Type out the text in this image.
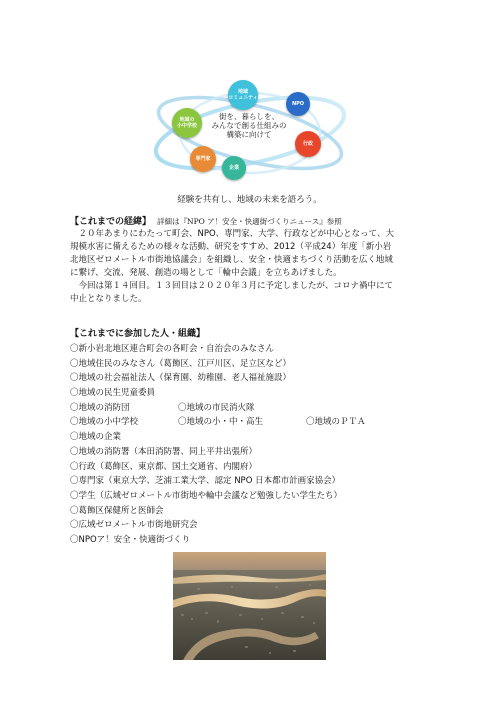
地域
コミュニティ
NPO
行政
企業
専門家
地域の
小中学校
街を、暮らしを、
みんなで創る仕組みの
構築に向けて
経験を共有し、地域の未来を語ろう。
【これまでの経緯】 詳細は『NPO ア！安全・快適街づくりニュース』参照
　２０年あまりにわたって町会、NPO、専門家、大学、行政などが中心となって、大
規模水害に備えるための様々な活動、研究をすすめ、2012（平成24）年度「新小岩
北地区ゼロメートル市街地協議会」を組織し、安全・快適まちづくり活動を広く地域
に繋げ、交流、発展、創造の場として「輪中会議」を立ちあげました。
　今回は第１４回目。１３回目は２０２０年３月に予定しましたが、コロナ禍中にて
中止となりました。
【これまでに参加した人・組織】
〇新小岩北地区連合町会の各町会・自治会のみなさん
〇地域住民のみなさん（葛飾区、江戸川区、足立区など）
〇地域の社会福祉法人（保育園、幼稚園、老人福祉施設）
〇地域の民生児童委員
〇地域の消防団	〇地域の市民消火隊
〇地域の小中学校	〇地域の小・中・高生	〇地域のＰＴＡ
〇地域の企業
〇地域の消防署（本田消防署、同上平井出張所）
〇行政（葛飾区、東京都、国土交通省、内閣府）
〇専門家（東京大学、芝浦工業大学、認定 NPO 日本都市計画家協会）
〇学生（広域ゼロメートル市街地や輪中会議など勉強したい学生たち）
〇葛飾区保健所と医師会
〇広域ゼロメートル市街地研究会
〇NPOア！安全・快適街づくり
